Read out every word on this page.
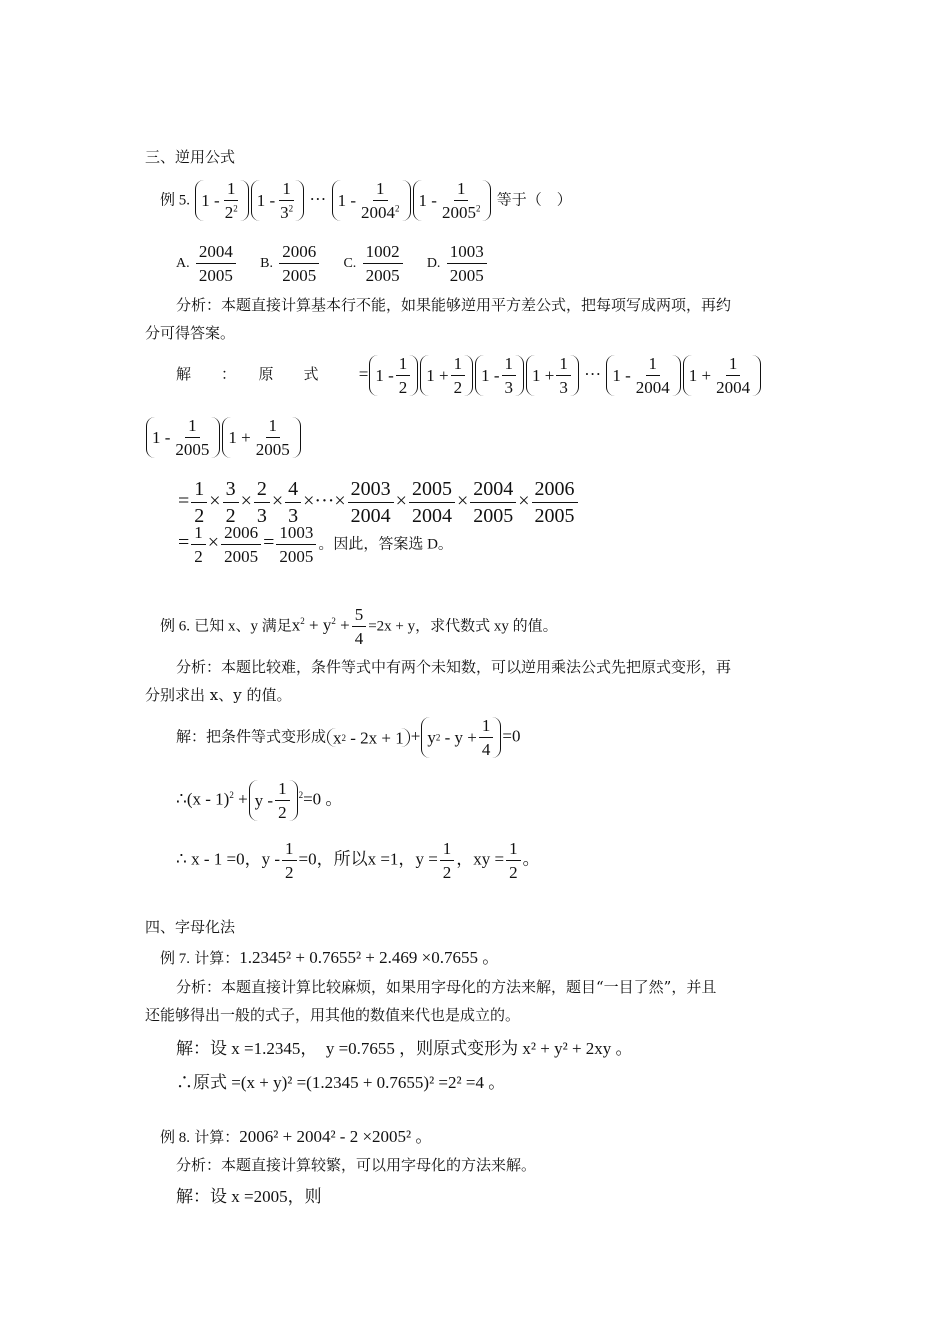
三、逆用公式
例 5. $1 - \frac{1}{2^2} 1 - \frac{1}{3^2}$ ··· $1 - \frac{1}{2004^2} 1 - \frac{1}{2005^2}$ 等于（　）
A. $\frac{2004}{2005} B$. $\frac{2006}{2005} C$. $\frac{1002}{2005} D$. $\frac{1003}{2005}$
分析：本题直接计算基本行不能，如果能够逆用平方差公式，把每项写成两项，再约
分可得答案。
解　　：　　原　　式 = $1 - \frac{1}{2} 1 + \frac{1}{2} 1 - \frac{1}{3} 1 + \frac{1}{3}$ ··· $1 - \frac{1}{2004} 1 + \frac{1}{2004}$
$1 - \frac{1}{2005} 1 + \frac{1}{2005}$
= $\frac{1}{2} \times \frac{3}{2} \times \frac{2}{3} \times \frac{4}{3}$ ×···× $\frac{2003}{2004} \times \frac{2005}{2004} \times \frac{2004}{2005} \times \frac{2006}{2005}$
= $\frac{1}{2} \times \frac{2006}{2005} = \frac{1003}{2005}$ 。因此，答案选 D。
例 6. 已知 x、y 满足$x^2 + y^2 + \frac{5}{4} =2x + y$，求代数式 xy 的值。
分析：本题比较难，条件等式中有两个未知数，可以逆用乘法公式先把原式变形，再
分别求出 x、y 的值。
解：把条件等式变形成 $x2 - 2x + 1 + y2 - y + \frac{1}{4} =0$
∴(x - $1)^2 + y - \frac{1}{2} ^2=0$ 。
∴ x - 1 =0，$y - \frac{1}{2} =0$，所以x =1，$y = \frac{1}{2}$ ，xy = $\frac{1}{2}$ 。
四、字母化法
例 7. 计算：1.2345² + 0.7655² + 2.469 ×0.7655 。
分析：本题直接计算比较麻烦，如果用字母化的方法来解，题目“一目了然”，并且
还能够得出一般的式子，用其他的数值来代也是成立的。
解：设 x =1.2345，　y =0.7655 ，则原式变形为 x² + y² + 2xy 。
∴原式 =(x + y)² =(1.2345 + 0.7655)² =2² =4 。
例 8. 计算：2006² + 2004² - 2 ×2005² 。
分析：本题直接计算较繁，可以用字母化的方法来解。
解：设 x =2005，则
